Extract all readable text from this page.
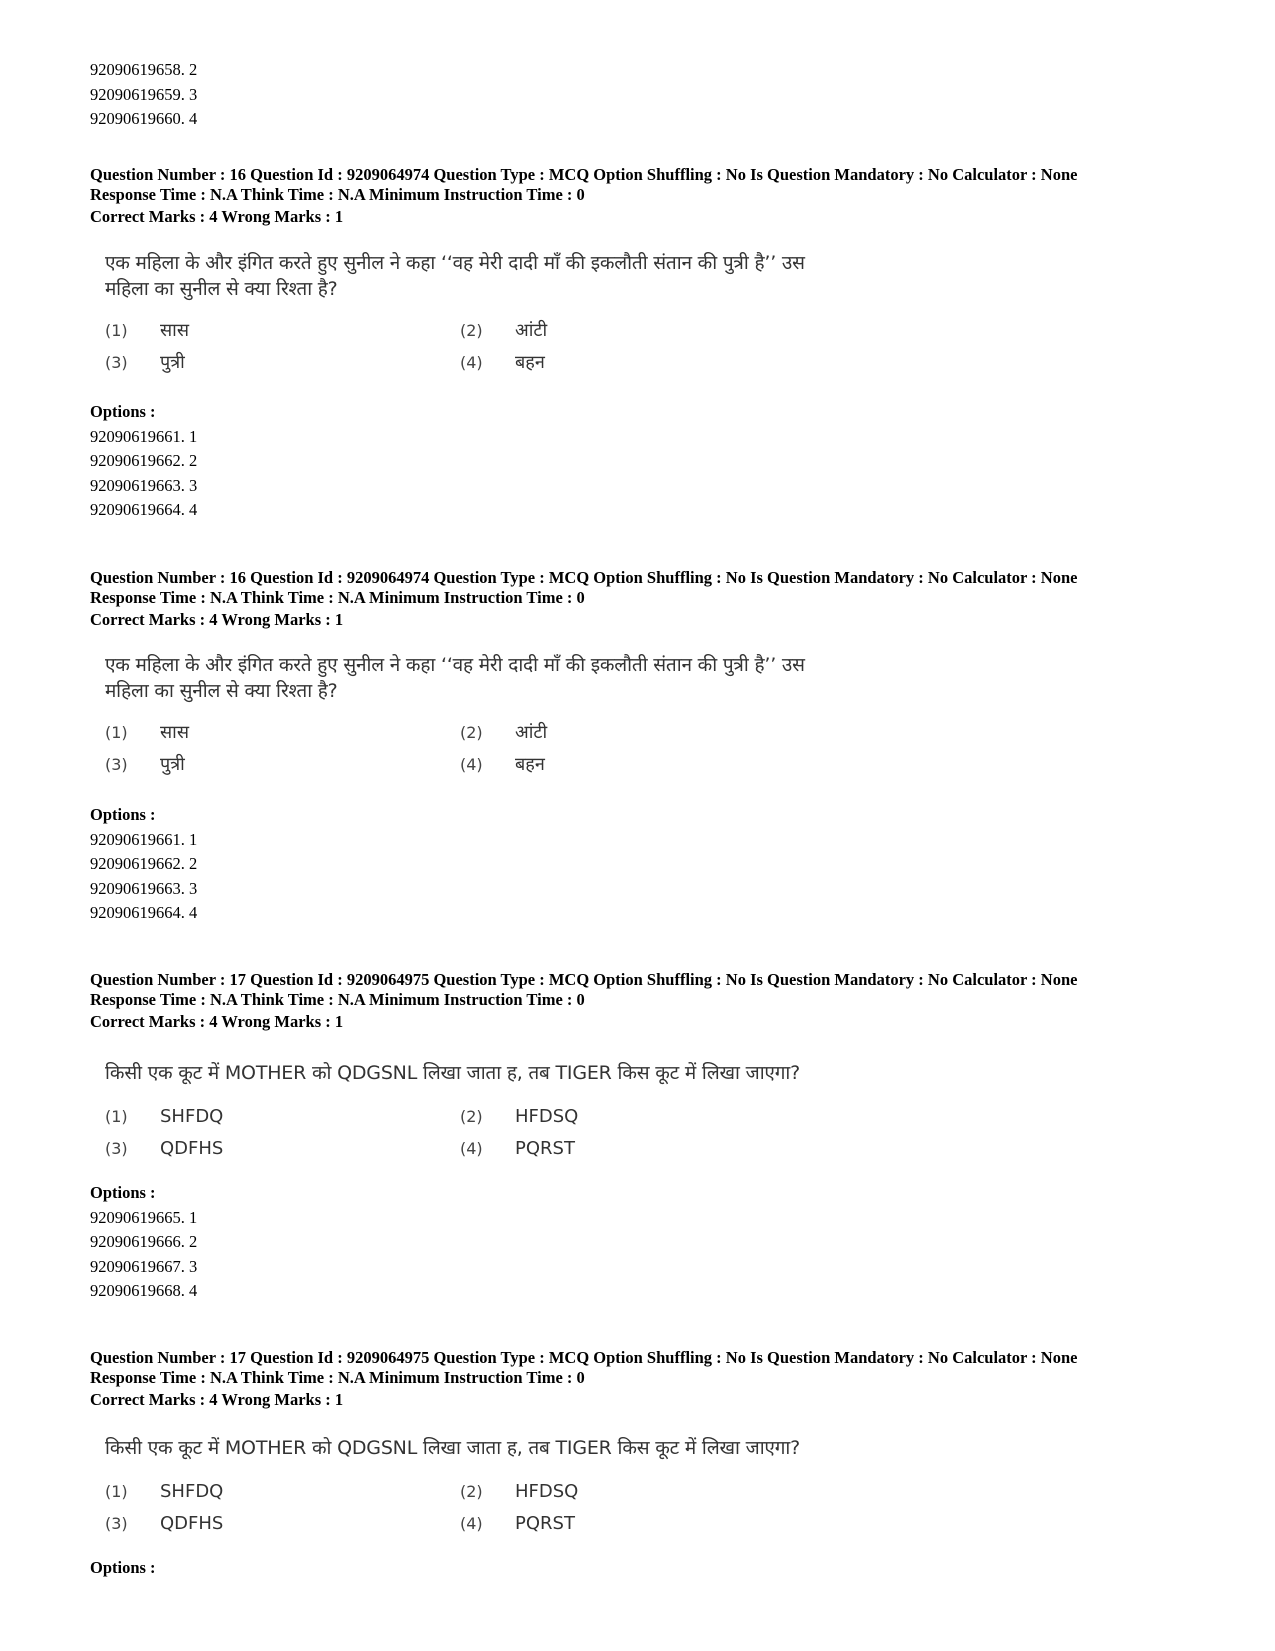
92090619658. 2
92090619659. 3
92090619660. 4
Question Number : 16 Question Id : 9209064974 Question Type : MCQ Option Shuffling : No Is Question Mandatory : No Calculator : None
Response Time : N.A Think Time : N.A Minimum Instruction Time : 0
Correct Marks : 4 Wrong Marks : 1
एक महिला के और इंगित करते हुए सुनील ने कहा ‘‘वह मेरी दादी माँ की इकलौती संतान की पुत्री है’’ उस
महिला का सुनील से क्या रिश्ता है?
(1) सास	(2) आंटी
(3) पुत्री	(4) बहन
Options :
92090619661. 1
92090619662. 2
92090619663. 3
92090619664. 4
Question Number : 16 Question Id : 9209064974 Question Type : MCQ Option Shuffling : No Is Question Mandatory : No Calculator : None
Response Time : N.A Think Time : N.A Minimum Instruction Time : 0
Correct Marks : 4 Wrong Marks : 1
एक महिला के और इंगित करते हुए सुनील ने कहा ‘‘वह मेरी दादी माँ की इकलौती संतान की पुत्री है’’ उस
महिला का सुनील से क्या रिश्ता है?
(1) सास	(2) आंटी
(3) पुत्री	(4) बहन
Options :
92090619661. 1
92090619662. 2
92090619663. 3
92090619664. 4
Question Number : 17 Question Id : 9209064975 Question Type : MCQ Option Shuffling : No Is Question Mandatory : No Calculator : None
Response Time : N.A Think Time : N.A Minimum Instruction Time : 0
Correct Marks : 4 Wrong Marks : 1
किसी एक कूट में MOTHER को QDGSNL लिखा जाता ह, तब TIGER किस कूट में लिखा जाएगा?
(1) SHFDQ	(2) HFDSQ
(3) QDFHS	(4) PQRST
Options :
92090619665. 1
92090619666. 2
92090619667. 3
92090619668. 4
Question Number : 17 Question Id : 9209064975 Question Type : MCQ Option Shuffling : No Is Question Mandatory : No Calculator : None
Response Time : N.A Think Time : N.A Minimum Instruction Time : 0
Correct Marks : 4 Wrong Marks : 1
किसी एक कूट में MOTHER को QDGSNL लिखा जाता ह, तब TIGER किस कूट में लिखा जाएगा?
(1) SHFDQ	(2) HFDSQ
(3) QDFHS	(4) PQRST
Options :
